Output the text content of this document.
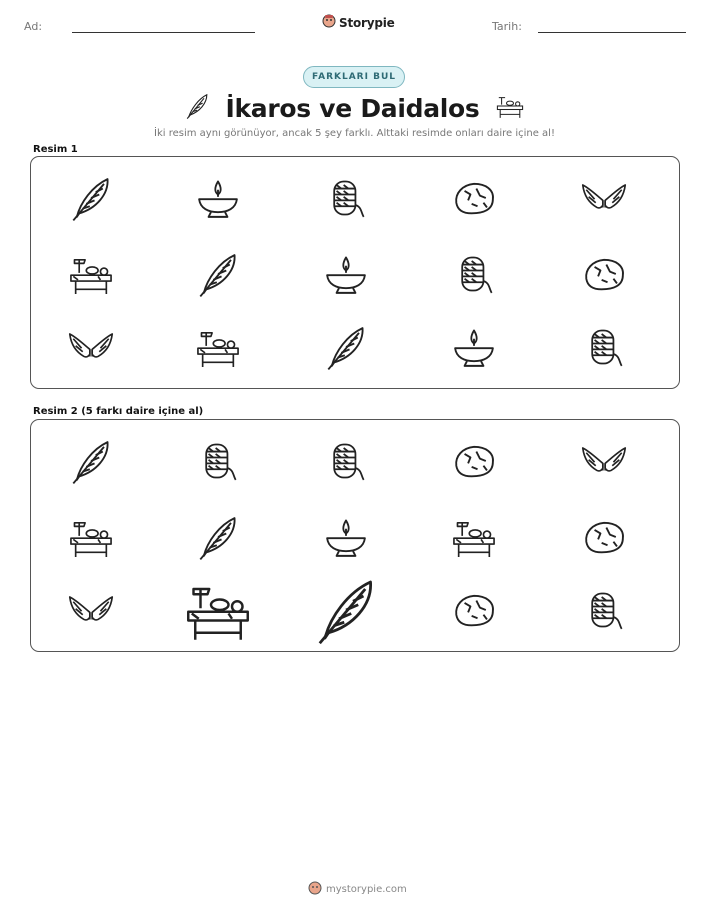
Ad:	Storypie	Tarih:
FARKLARI BUL
İkaros ve Daidalos
İki resim aynı görünüyor, ancak 5 şey farklı. Alttaki resimde onları daire içine al!
Resim 1
Resim 2 (5 farkı daire içine al)
mystorypie.com
